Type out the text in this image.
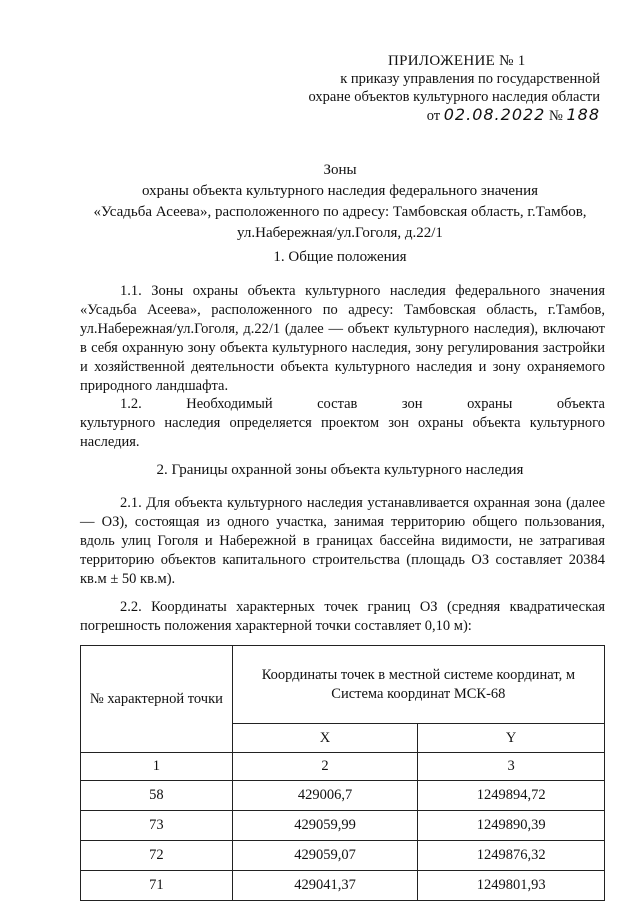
ПРИЛОЖЕНИЕ № 1
к приказу управления по государственной
охране объектов культурного наследия области
от 02.08.2022 № 188
Зоны
охраны объекта культурного наследия федерального значения
«Усадьба Асеева», расположенного по адресу: Тамбовская область, г.Тамбов,
ул.Набережная/ул.Гоголя, д.22/1
1. Общие положения
1.1. Зоны охраны объекта культурного наследия федерального значения «Усадьба Асеева», расположенного по адресу: Тамбовская область, г.Тамбов, ул.Набережная/ул.Гоголя, д.22/1 (далее — объект культурного наследия), включают в себя охранную зону объекта культурного наследия, зону регулирования застройки и хозяйственной деятельности объекта культурного наследия и зону охраняемого природного ландшафта.
1.2.	Необходимый	состав	зон	охраны	объекта
культурного наследия определяется проектом зон охраны объекта культурного наследия.
2. Границы охранной зоны объекта культурного наследия
2.1. Для объекта культурного наследия устанавливается охранная зона (далее — ОЗ), состоящая из одного участка, занимая территорию общего пользования, вдоль улиц Гоголя и Набережной в границах бассейна видимости, не затрагивая территорию объектов капитального строительства (площадь ОЗ составляет 20384 кв.м ± 50 кв.м).
2.2. Координаты характерных точек границ ОЗ (средняя квадратическая погрешность положения характерной точки составляет 0,10 м):
№ характерной точки	Координаты точек в местной системе координат, м
Система координат МСК-68	

	X	Y
1	2	3
58	429006,7	1249894,72
73	429059,99	1249890,39
72	429059,07	1249876,32
71	429041,37	1249801,93
